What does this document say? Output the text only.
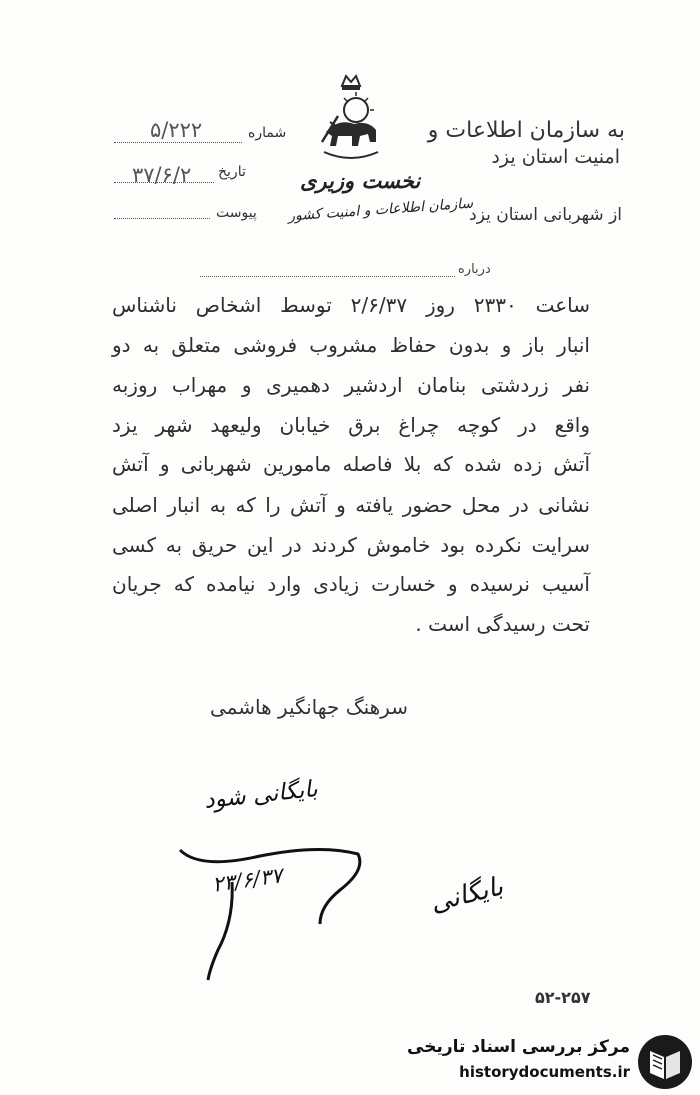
نخست وزیری
سازمان اطلاعات و امنیت کشور
به سازمان اطلاعات و
امنیت استان یزد
از شهربانی استان یزد
شماره
۵/۲۲۲
تاریخ
۳۷/۶/۲
پیوست
درباره
ساعت ۲۳۳۰ روز ۲/۶/۳۷ توسط اشخاص ناشناس
انبار باز و بدون حفاظ مشروب فروشی متعلق به دو
نفر زردشتی بنامان اردشیر دهمیری و مهراب روزبه
واقع در کوچه چراغ برق خیابان ولیعهد شهر یزد
آتش زده شده که بلا فاصله مامورین شهربانی و آتش
نشانی در محل حضور یافته و آتش را که به انبار اصلی
سرایت نکرده بود خاموش کردند در این حریق به کسی
آسیب نرسیده و خسارت زیادی وارد نیامده که جریان
تحت رسیدگی است .
سرهنگ جهانگیر هاشمی
بایگانی شود
۲۳/۶/۳۷	بایگانی
۵۲-۲۵۷
مرکز بررسی اسناد تاریخی
historydocuments.ir
